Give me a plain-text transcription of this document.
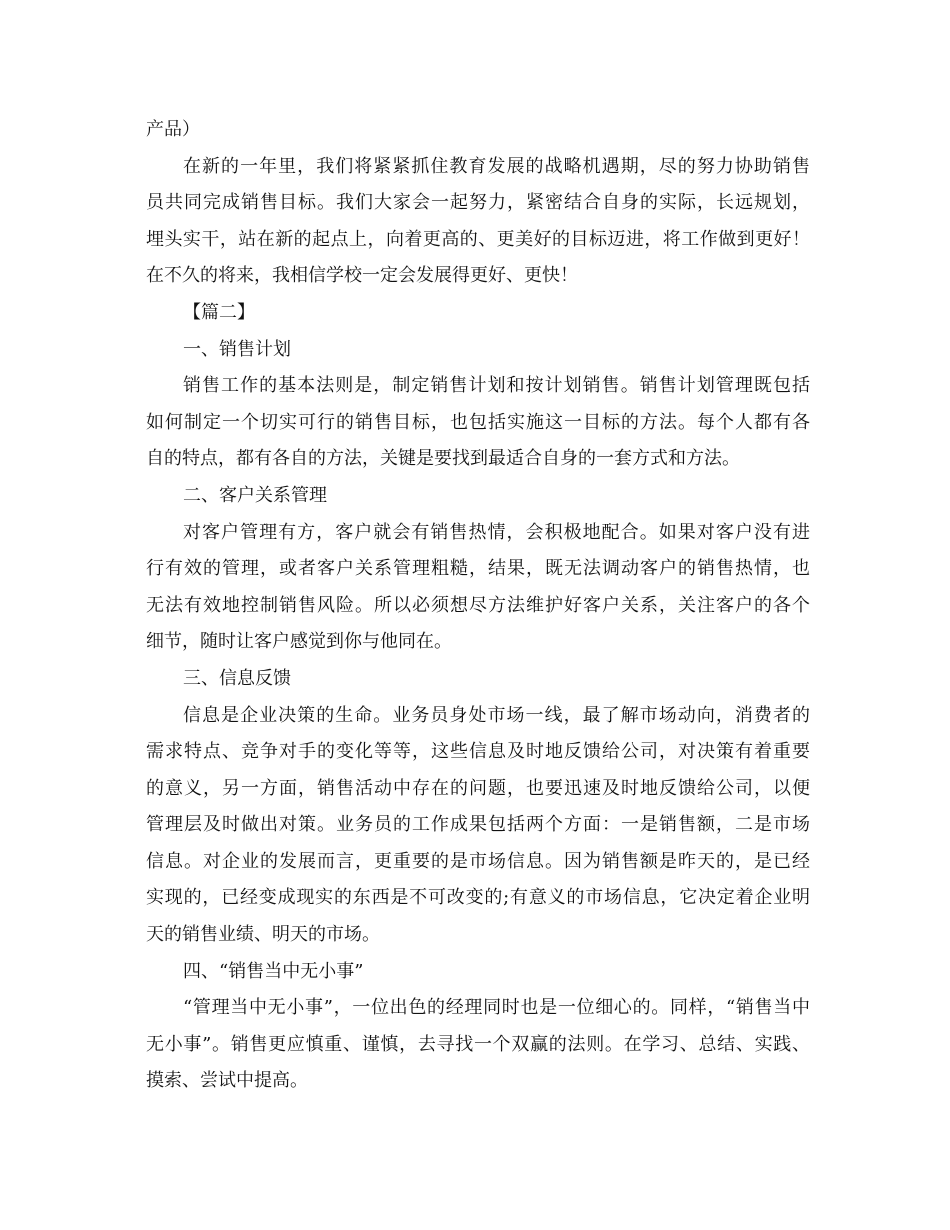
产品）
在新的一年里，我们将紧紧抓住教育发展的战略机遇期，尽的努力协助销售
员共同完成销售目标。我们大家会一起努力，紧密结合自身的实际，长远规划，
埋头实干，站在新的起点上，向着更高的、更美好的目标迈进，将工作做到更好！
在不久的将来，我相信学校一定会发展得更好、更快！
【篇二】
一、销售计划
销售工作的基本法则是，制定销售计划和按计划销售。销售计划管理既包括
如何制定一个切实可行的销售目标，也包括实施这一目标的方法。每个人都有各
自的特点，都有各自的方法，关键是要找到最适合自身的一套方式和方法。
二、客户关系管理
对客户管理有方，客户就会有销售热情，会积极地配合。如果对客户没有进
行有效的管理，或者客户关系管理粗糙，结果，既无法调动客户的销售热情，也
无法有效地控制销售风险。所以必须想尽方法维护好客户关系，关注客户的各个
细节，随时让客户感觉到你与他同在。
三、信息反馈
信息是企业决策的生命。业务员身处市场一线，最了解市场动向，消费者的
需求特点、竞争对手的变化等等，这些信息及时地反馈给公司，对决策有着重要
的意义，另一方面，销售活动中存在的问题，也要迅速及时地反馈给公司，以便
管理层及时做出对策。业务员的工作成果包括两个方面：一是销售额，二是市场
信息。对企业的发展而言，更重要的是市场信息。因为销售额是昨天的，是已经
实现的，已经变成现实的东西是不可改变的;有意义的市场信息，它决定着企业明
天的销售业绩、明天的市场。
四、“销售当中无小事”
“管理当中无小事”，一位出色的经理同时也是一位细心的。同样，“销售当中
无小事”。销售更应慎重、谨慎，去寻找一个双赢的法则。在学习、总结、实践、
摸索、尝试中提高。
